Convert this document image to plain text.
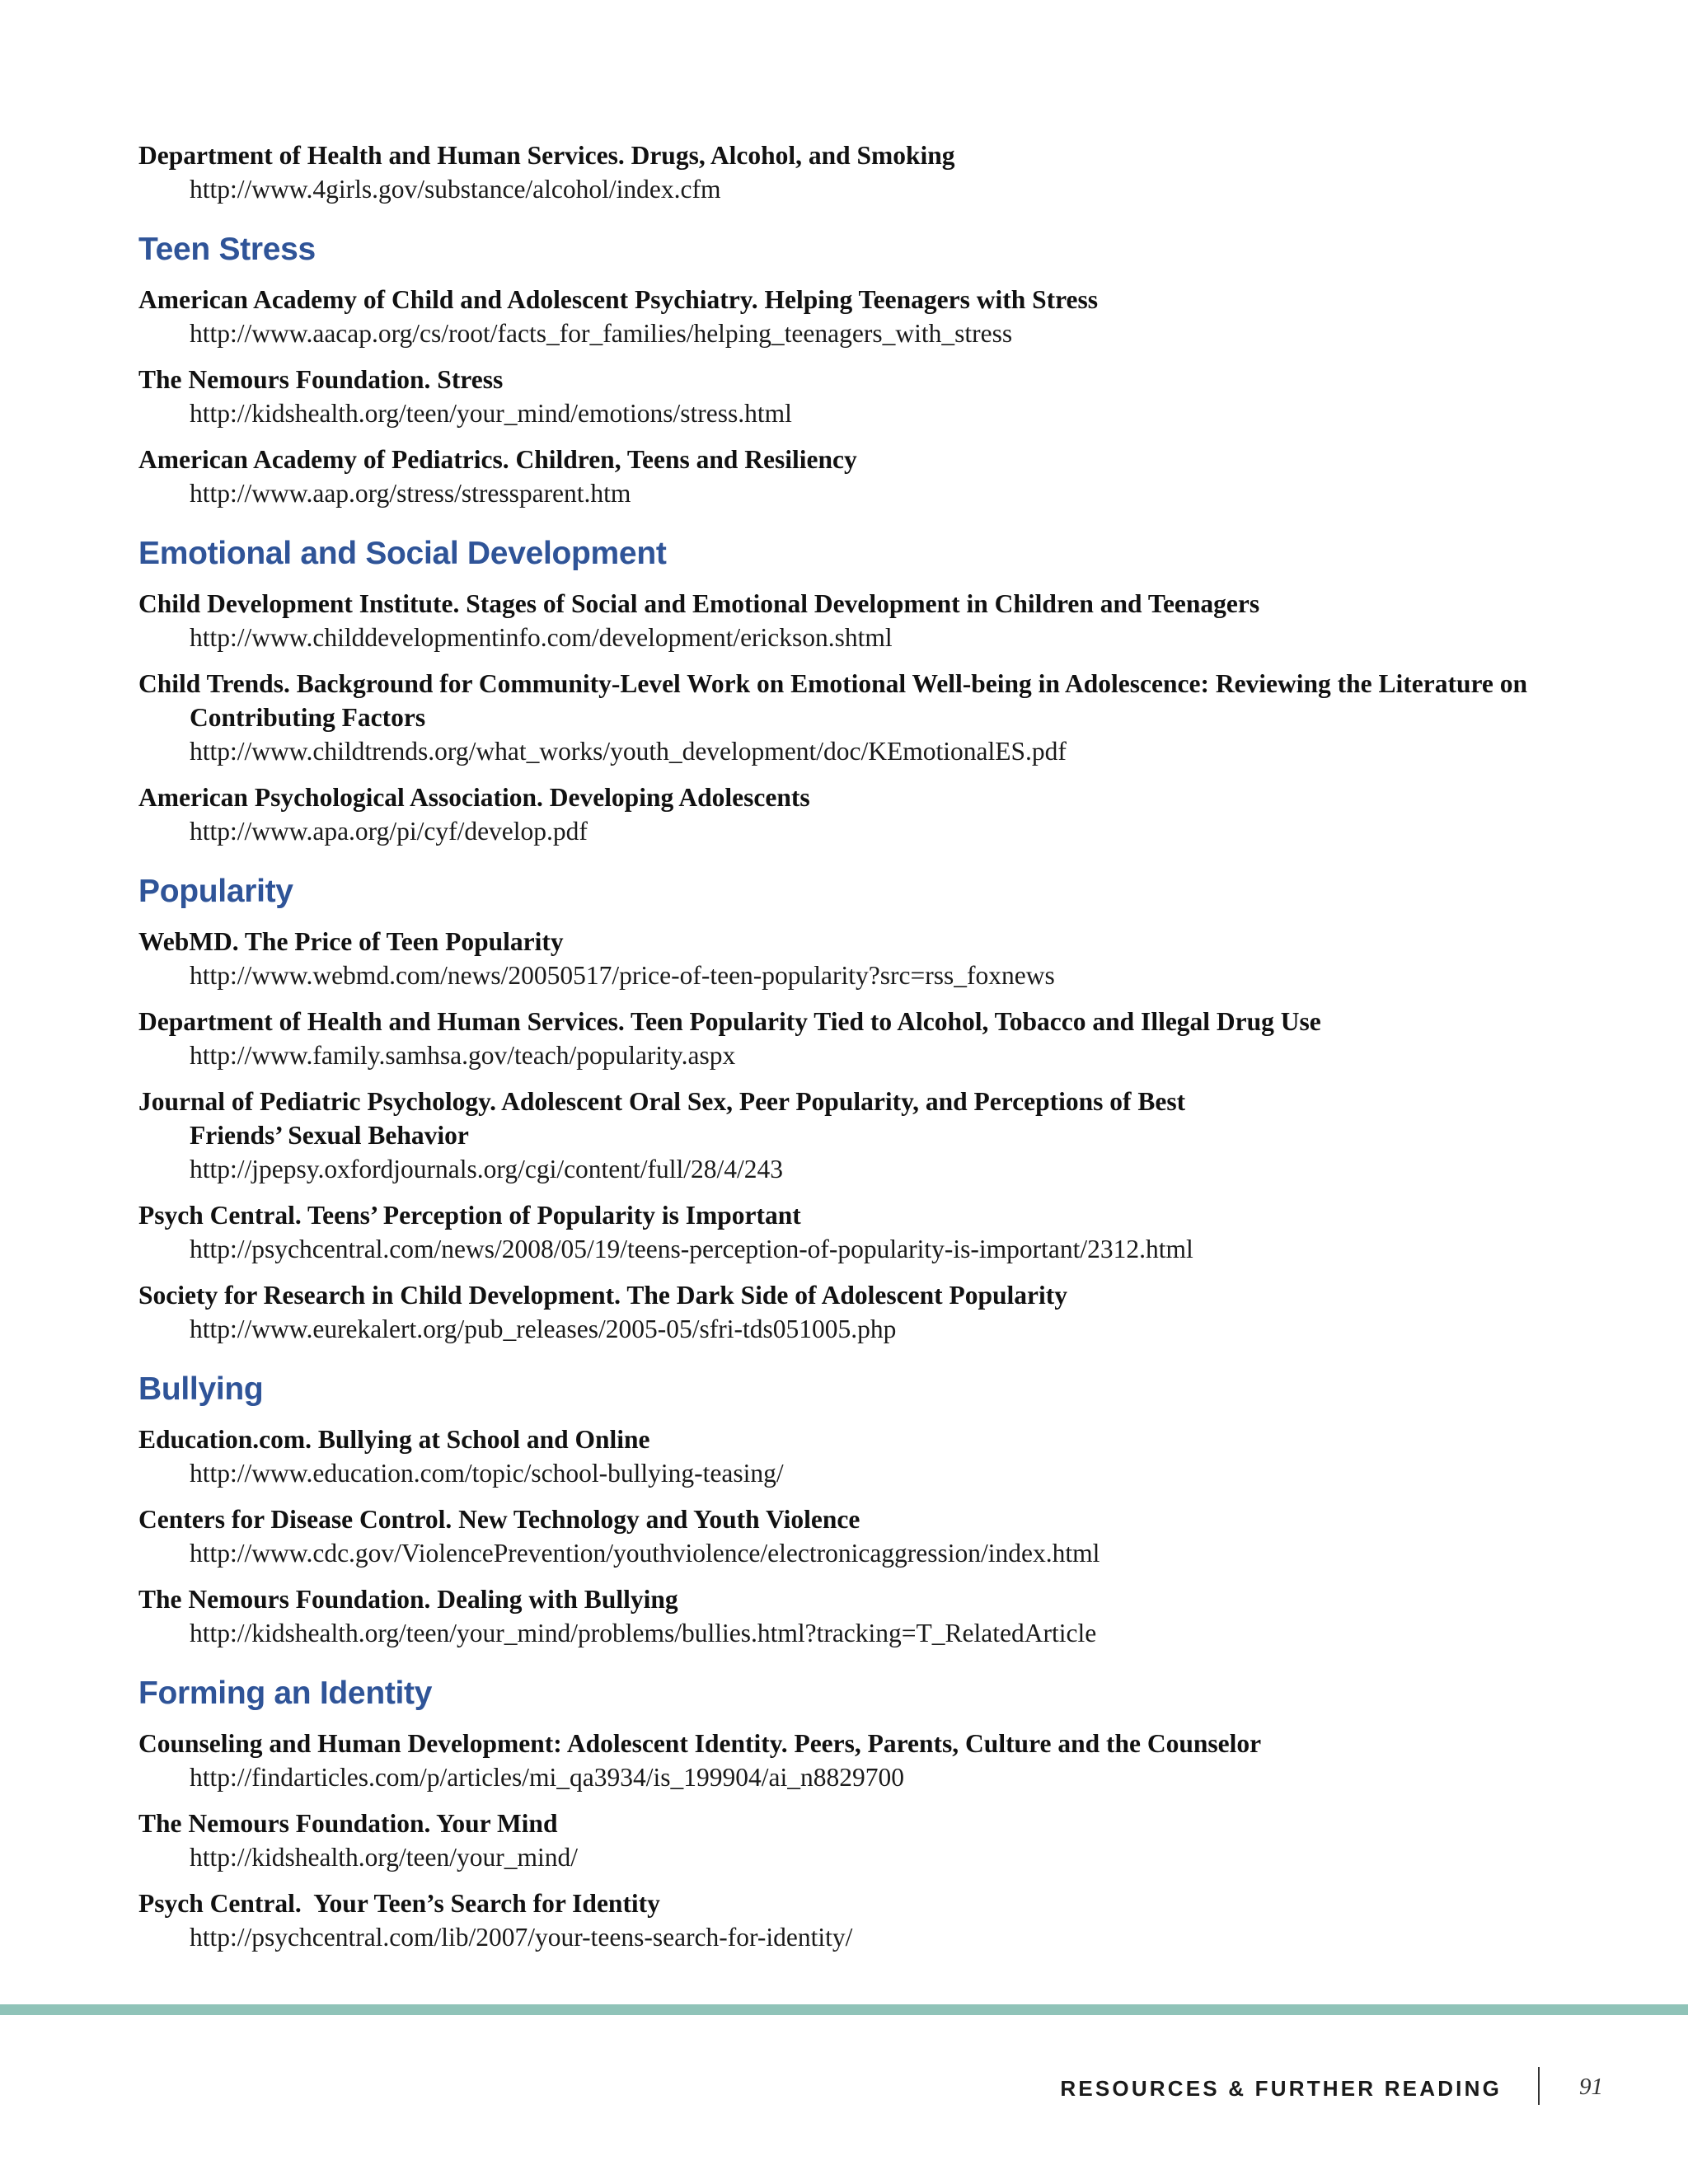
Department of Health and Human Services. Drugs, Alcohol, and Smoking
http://www.4girls.gov/substance/alcohol/index.cfm
Teen Stress
American Academy of Child and Adolescent Psychiatry. Helping Teenagers with Stress
http://www.aacap.org/cs/root/facts_for_families/helping_teenagers_with_stress
The Nemours Foundation. Stress
http://kidshealth.org/teen/your_mind/emotions/stress.html
American Academy of Pediatrics. Children, Teens and Resiliency
http://www.aap.org/stress/stressparent.htm
Emotional and Social Development
Child Development Institute. Stages of Social and Emotional Development in Children and Teenagers
http://www.childdevelopmentinfo.com/development/erickson.shtml
Child Trends. Background for Community-Level Work on Emotional Well-being in Adolescence: Reviewing the Literature on Contributing Factors
http://www.childtrends.org/what_works/youth_development/doc/KEmotionalES.pdf
American Psychological Association. Developing Adolescents
http://www.apa.org/pi/cyf/develop.pdf
Popularity
WebMD. The Price of Teen Popularity
http://www.webmd.com/news/20050517/price-of-teen-popularity?src=rss_foxnews
Department of Health and Human Services. Teen Popularity Tied to Alcohol, Tobacco and Illegal Drug Use
http://www.family.samhsa.gov/teach/popularity.aspx
Journal of Pediatric Psychology. Adolescent Oral Sex, Peer Popularity, and Perceptions of Best Friends’ Sexual Behavior
http://jpepsy.oxfordjournals.org/cgi/content/full/28/4/243
Psych Central. Teens’ Perception of Popularity is Important
http://psychcentral.com/news/2008/05/19/teens-perception-of-popularity-is-important/2312.html
Society for Research in Child Development. The Dark Side of Adolescent Popularity
http://www.eurekalert.org/pub_releases/2005-05/sfri-tds051005.php
Bullying
Education.com. Bullying at School and Online
http://www.education.com/topic/school-bullying-teasing/
Centers for Disease Control. New Technology and Youth Violence
http://www.cdc.gov/ViolencePrevention/youthviolence/electronicaggression/index.html
The Nemours Foundation. Dealing with Bullying
http://kidshealth.org/teen/your_mind/problems/bullies.html?tracking=T_RelatedArticle
Forming an Identity
Counseling and Human Development: Adolescent Identity. Peers, Parents, Culture and the Counselor
http://findarticles.com/p/articles/mi_qa3934/is_199904/ai_n8829700
The Nemours Foundation. Your Mind
http://kidshealth.org/teen/your_mind/
Psych Central.  Your Teen’s Search for Identity
http://psychcentral.com/lib/2007/your-teens-search-for-identity/
RESOURCES & FURTHER READING	91
